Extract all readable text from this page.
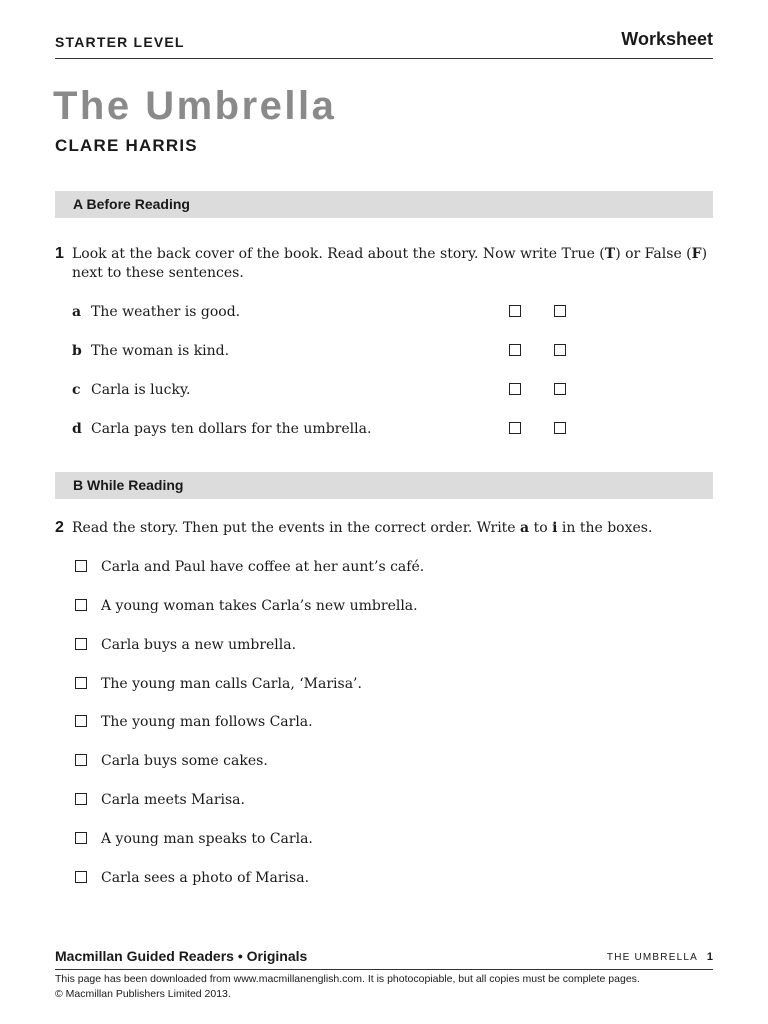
STARTER LEVEL	Worksheet
The Umbrella
CLARE HARRIS
A Before Reading
1 Look at the back cover of the book. Read about the story. Now write True (T) or False (F) next to these sentences.
a The weather is good.
b The woman is kind.
c Carla is lucky.
d Carla pays ten dollars for the umbrella.
B While Reading
2 Read the story. Then put the events in the correct order. Write a to i in the boxes.
Carla and Paul have coffee at her aunt’s café.
A young woman takes Carla’s new umbrella.
Carla buys a new umbrella.
The young man calls Carla, ‘Marisa’.
The young man follows Carla.
Carla buys some cakes.
Carla meets Marisa.
A young man speaks to Carla.
Carla sees a photo of Marisa.
Macmillan Guided Readers • Originals	THE UMBRELLA 1
This page has been downloaded from www.macmillanenglish.com. It is photocopiable, but all copies must be complete pages.
© Macmillan Publishers Limited 2013.
